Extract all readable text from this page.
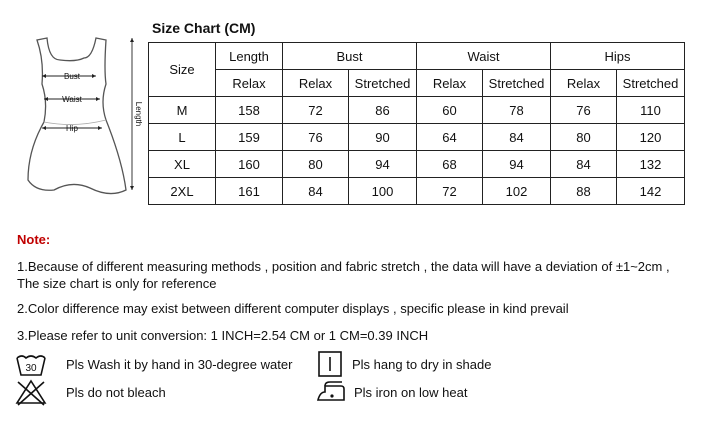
Bust
Waist
Hip
Length
Size Chart (CM)
Size	Length	Bust		Waist		Hips	
	Relax	Relax	Stretched	Relax	Stretched	Relax	Stretched
M	158	72	86	60	78	76	110
L	159	76	90	64	84	80	120
XL	160	80	94	68	94	84	132
2XL	161	84	100	72	102	88	142
Note:
1.Because of different measuring methods , position and fabric stretch , the data will have a deviation of ±1~2cm ,
The size chart is only for reference
2.Color difference may exist between different computer displays , specific please in kind prevail
3.Please refer to unit conversion: 1 INCH=2.54 CM or 1 CM=0.39 INCH
30 Pls Wash it by hand in 30-degree water	Pls hang to dry in shade
Pls do not bleach	Pls iron on low heat
